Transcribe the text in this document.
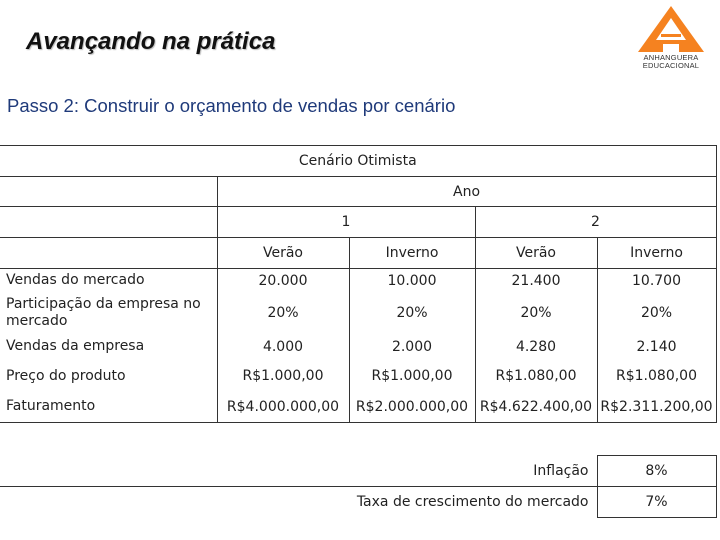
Avançando na prática
ANHANGUERA
EDUCACIONAL
Passo 2: Construir o orçamento de vendas por cenário
Cenário Otimista				
	Ano			
	1		2	
	Verão	Inverno	Verão	Inverno
Vendas do mercado	20.000	10.000	21.400	10.700
Participação da empresa no mercado	20%	20%	20%	20%
Vendas da empresa	4.000	2.000	4.280	2.140
Preço do produto	R$1.000,00	R$1.000,00	R$1.080,00	R$1.080,00
Faturamento	R$4.000.000,00	R$2.000.000,00	R$4.622.400,00	R$2.311.200,00
Inflação	8%
Taxa de crescimento do mercado	7%
